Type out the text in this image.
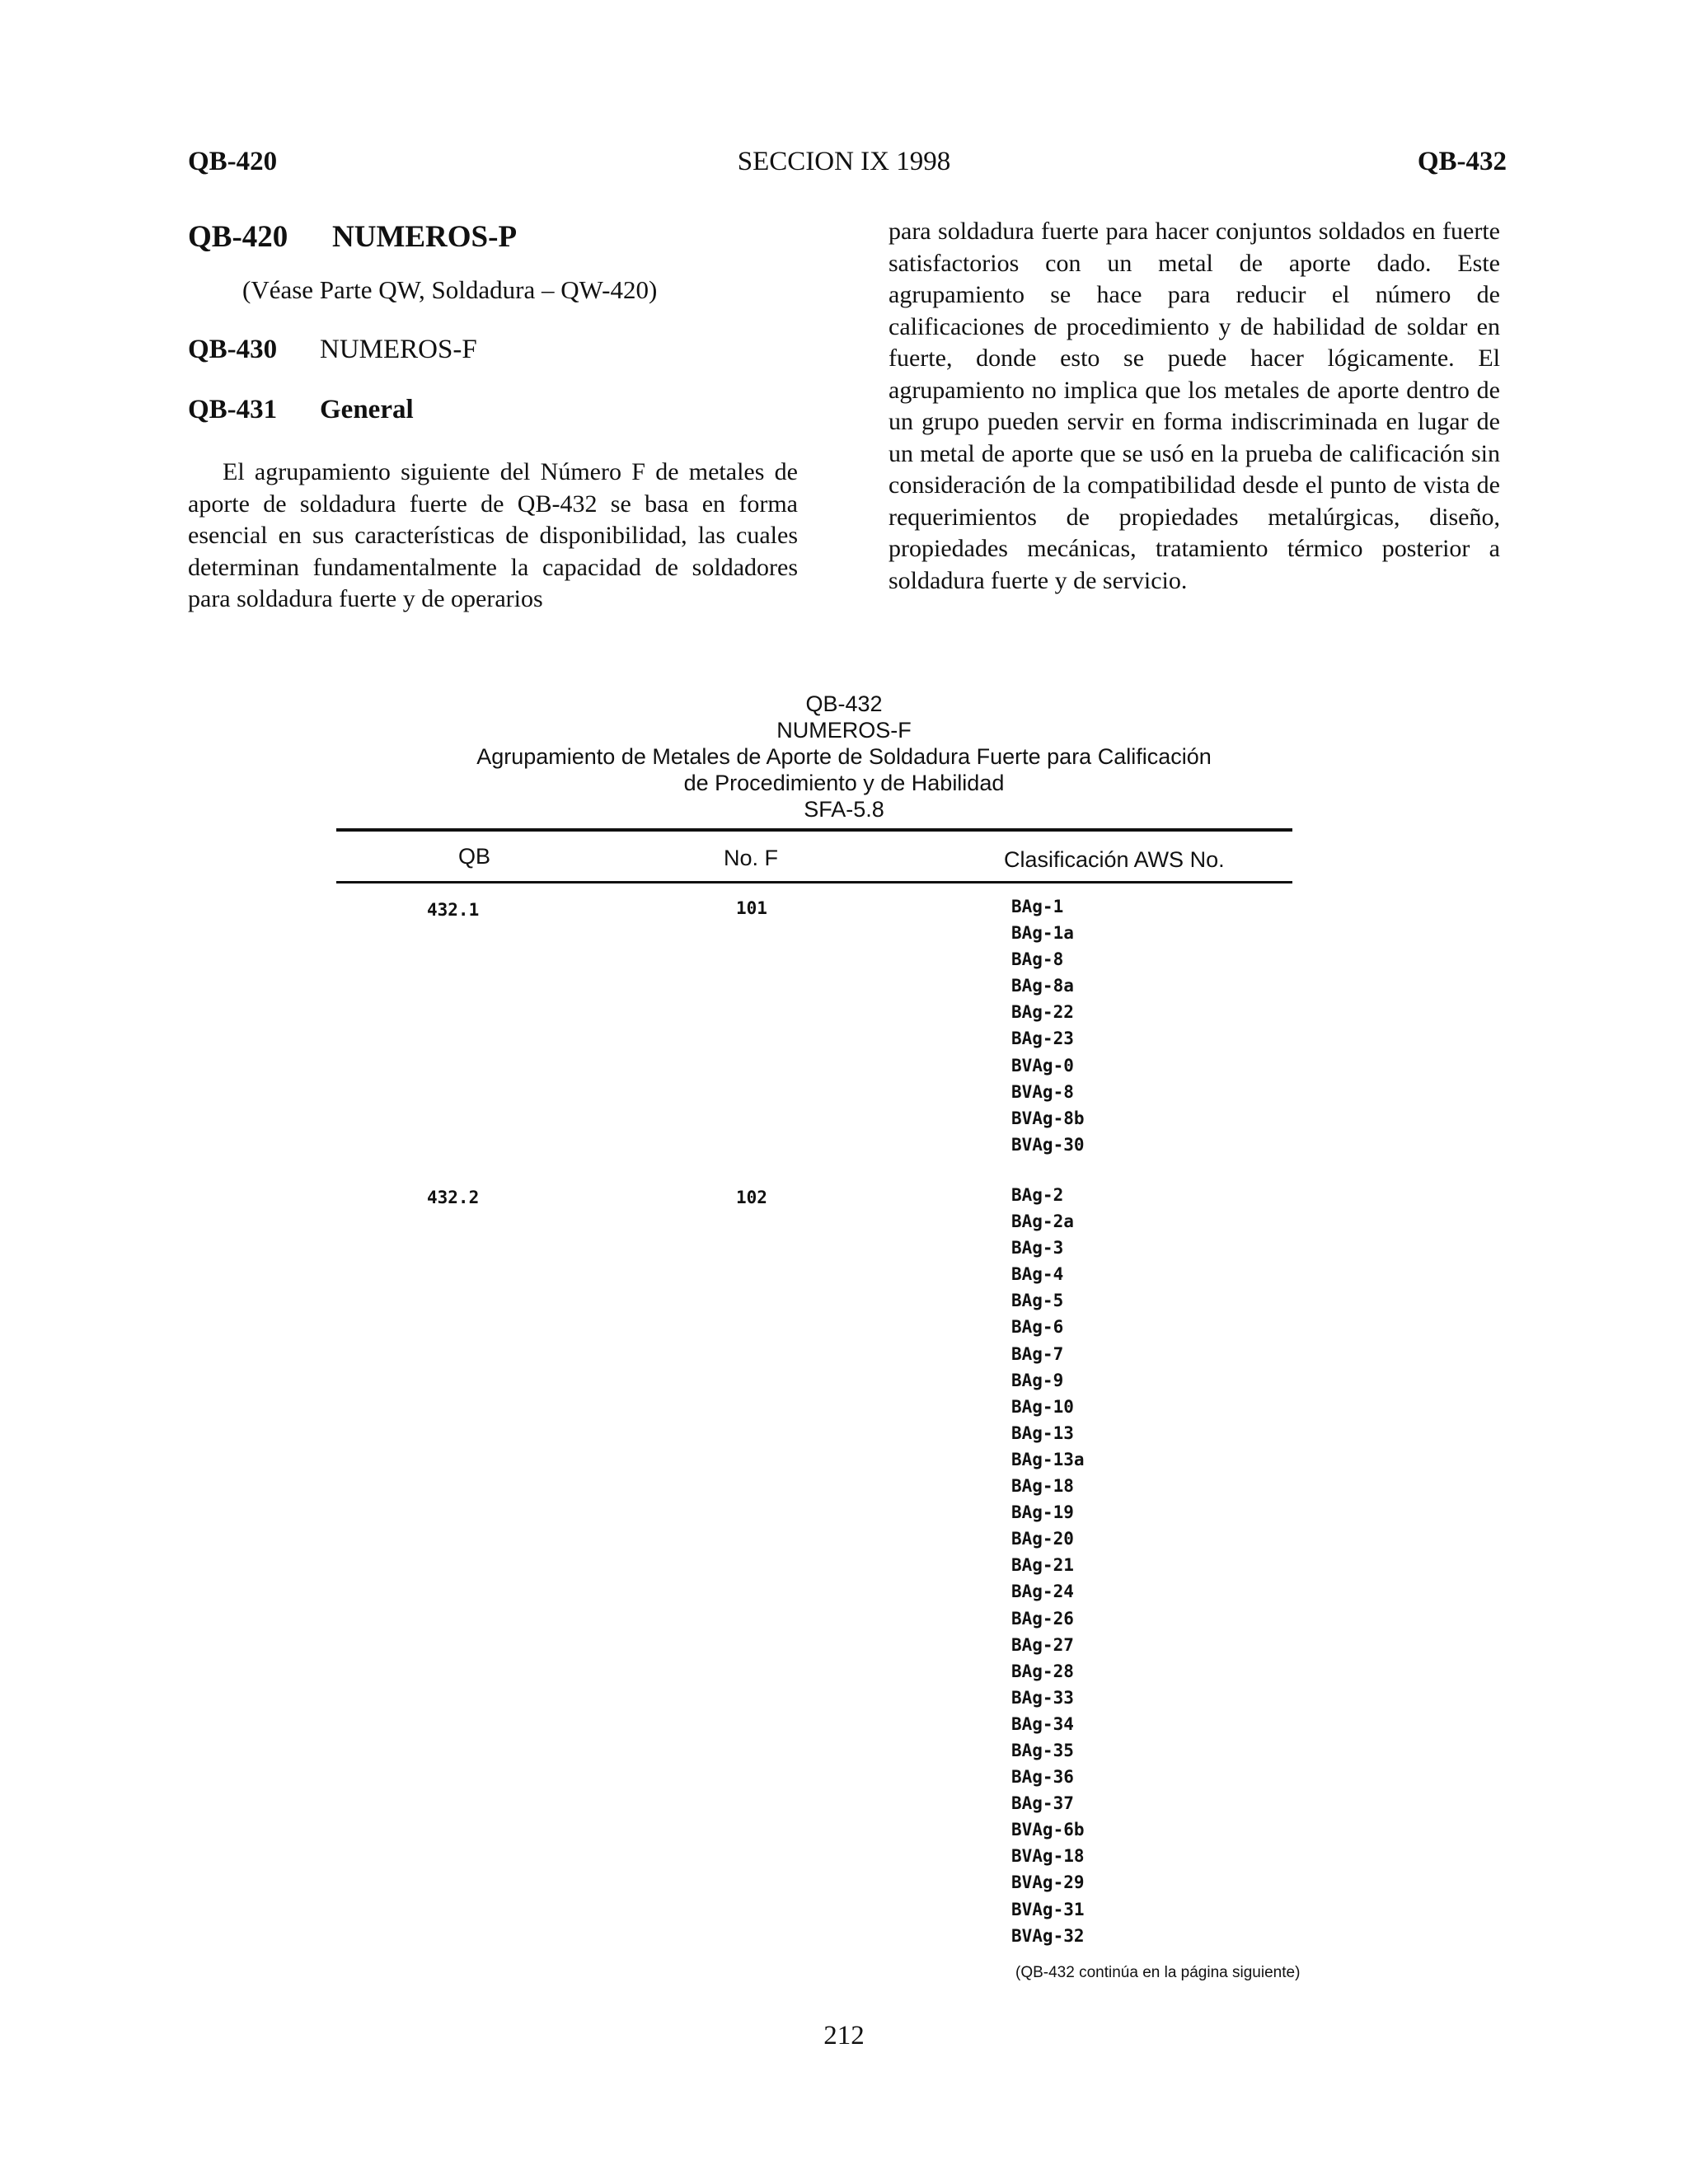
QB-420	SECCION IX 1998	QB-432
QB-420 NUMEROS-P

(Véase Parte QW, Soldadura – QW-420)

QB-430 NUMEROS-F
QB-431 General

El agrupamiento siguiente del Número F de metales de aporte de soldadura fuerte de QB-432 se basa en forma esencial en sus características de disponibilidad, las cuales determinan fundamentalmente la capacidad de soldadores para soldadura fuerte y de operarios

para soldadura fuerte para hacer conjuntos soldados en fuerte satisfactorios con un metal de aporte dado. Este agrupamiento se hace para reducir el número de calificaciones de procedimiento y de habilidad de soldar en fuerte, donde esto se puede hacer lógicamente. El agrupamiento no implica que los metales de aporte dentro de un grupo pueden servir en forma indiscriminada en lugar de un metal de aporte que se usó en la prueba de calificación sin consideración de la compatibilidad desde el punto de vista de requerimientos de propiedades metalúrgicas, diseño, propiedades mecánicas, tratamiento térmico posterior a soldadura fuerte y de servicio.

QB-432
NUMEROS-F
Agrupamiento de Metales de Aporte de Soldadura Fuerte para Calificación
de Procedimiento y de Habilidad
SFA-5.8
QB	No. F	Clasificación AWS No.
432.1	101	BAg-1
BAg-1a
BAg-8
BAg-8a
BAg-22
BAg-23
BVAg-0
BVAg-8
BVAg-8b
BVAg-30
432.2	102	BAg-2
BAg-2a
BAg-3
BAg-4
BAg-5
BAg-6
BAg-7
BAg-9
BAg-10
BAg-13
BAg-13a
BAg-18
BAg-19
BAg-20
BAg-21
BAg-24
BAg-26
BAg-27
BAg-28
BAg-33
BAg-34
BAg-35
BAg-36
BAg-37
BVAg-6b
BVAg-18
BVAg-29
BVAg-31
BVAg-32
(QB-432 continúa en la página siguiente)
212
